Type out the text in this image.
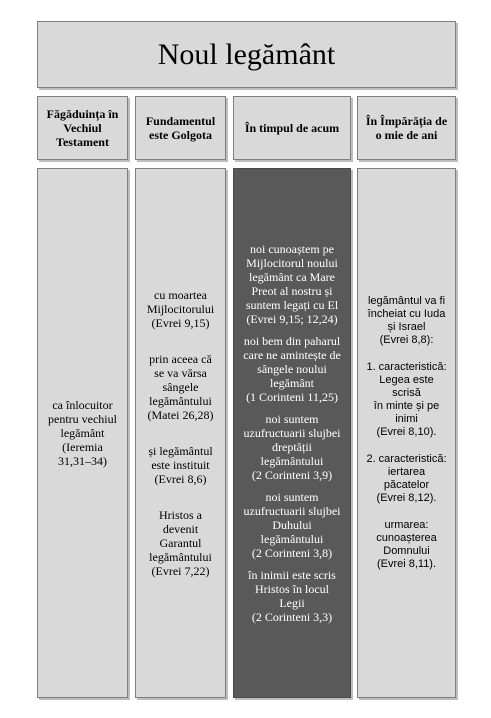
Noul legământ
Făgăduința în Vechiul Testament
Fundamentul este Golgota	În timpul de acum	În Împărăția de o mie de ani

ca înlocuitor
pentru vechiul
legământ
(Ieremia
31,31–34)

cu moartea
Mijlocitorului
(Evrei 9,15)

prin aceea că
se va vărsa
sângele
legământului
(Matei 26,28)

și legământul
este instituit
(Evrei 8,6)

Hristos a
devenit
Garantul
legământului
(Evrei 7,22)

noi cunoaștem pe
Mijlocitorul noului
legământ ca Mare
Preot al nostru și
suntem legați cu El
(Evrei 9,15; 12,24)

noi bem din paharul
care ne amintește de
sângele noului
legământ
(1 Corinteni 11,25)

noi suntem
uzufructuarii slujbei
dreptății
legământului
(2 Corinteni 3,9)

noi suntem
uzufructuarii slujbei
Duhului
legământului
(2 Corinteni 3,8)

în inimii este scris
Hristos în locul
Legii
(2 Corinteni 3,3)

legământul va fi
încheiat cu Iuda
și Israel
(Evrei 8,8):

1. caracteristică:
Legea este scrisă
în minte și pe
inimi
(Evrei 8,10).

2. caracteristică:
iertarea
păcatelor
(Evrei 8,12).

urmarea:
cunoașterea
Domnului
(Evrei 8,11).
